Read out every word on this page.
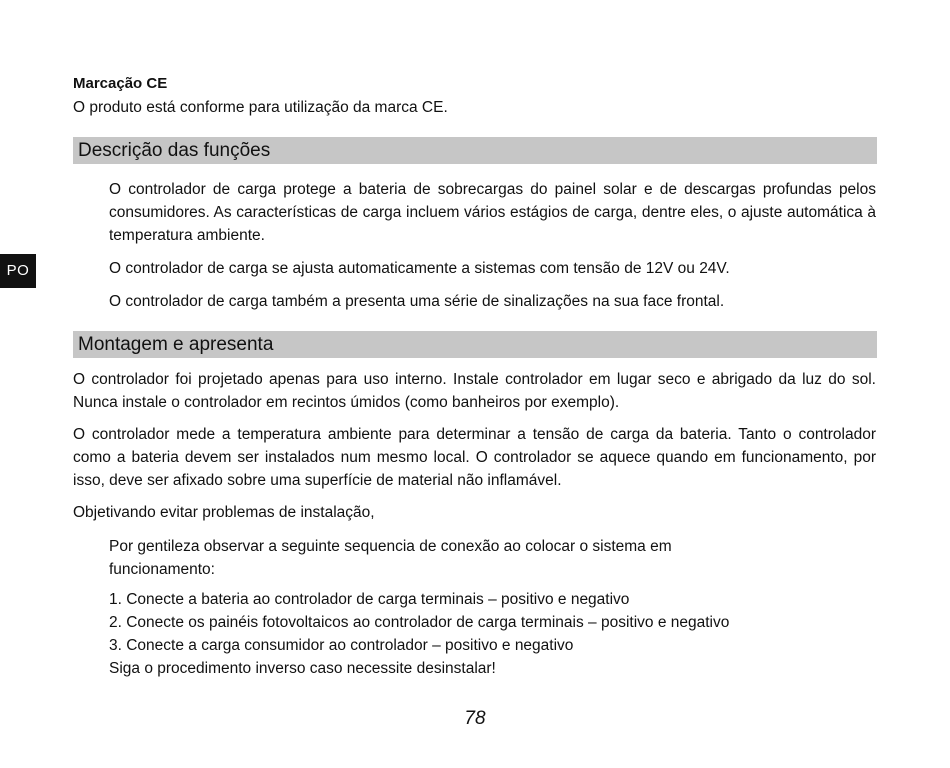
PO
Marcação CE
O produto está conforme para utilização da marca CE.
Descrição das funções
O controlador de carga protege a bateria de sobrecargas do painel solar e de descargas profundas pelos consumidores. As características de carga incluem vários estágios de carga, dentre eles, o ajuste automática à temperatura ambiente.
O controlador de carga se ajusta automaticamente a sistemas com tensão de 12V ou 24V.
O controlador de carga também a presenta uma série de sinalizações na sua face frontal.
Montagem e apresenta
O controlador foi projetado apenas para uso interno. Instale controlador em lugar seco e abrigado da luz do sol. Nunca instale o controlador em recintos úmidos (como banheiros por exemplo).
O controlador mede a temperatura ambiente para determinar a tensão de carga da bateria. Tanto o controlador como a bateria devem ser instalados num mesmo local. O controlador se aquece quando em funcionamento, por isso, deve ser afixado sobre uma superfície de material não inflamável.
Objetivando evitar problemas de instalação,
Por gentileza observar a seguinte sequencia de conexão ao colocar o sistema em funcionamento:
1. Conecte a bateria ao controlador de carga terminais – positivo e negativo
2. Conecte os painéis fotovoltaicos ao controlador de carga terminais – positivo e negativo
3. Conecte a carga consumidor ao controlador – positivo e negativo
Siga o procedimento inverso caso necessite desinstalar!
78
